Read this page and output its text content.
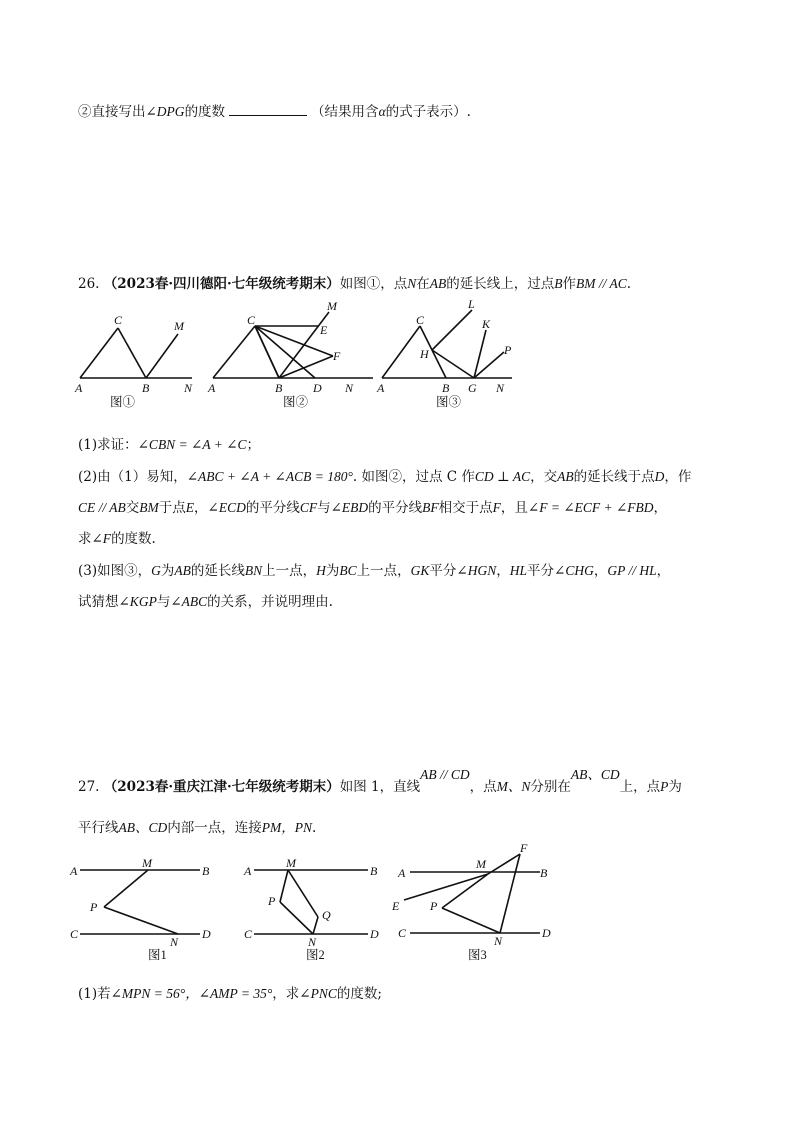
②直接写出∠DPG的度数	（结果用含α的式子表示）.
26. （2023春·四川德阳·七年级统考期末）如图①，点N在AB的延长线上，过点B作BM // AC.
A	B	N
C	M
图①
A	B	D N
C
M
E
F
图②
A	B G N
C
H
L
K
P
图③
(1)求证：∠CBN = ∠A + ∠C；
(2)由（1）易知，∠ABC + ∠A + ∠ACB = 180°. 如图②，过点 C 作CD ⊥ AC，交AB的延长线于点D，作
CE // AB交BM于点E，∠ECD的平分线CF与∠EBD的平分线BF相交于点F，且∠F = ∠ECF + ∠FBD，
求∠F的度数.
(3)如图③，G为AB的延长线BN上一点，H为BC上一点，GK平分∠HGN，HL平分∠CHG，GP // HL，
试猜想∠KGP与∠ABC的关系，并说明理由.
27. （2023春·重庆江津·七年级统考期末）如图 1，直线AB // CD，点M、N分别在AB、CD上，点P为
平行线AB、CD内部一点，连接PM，PN.
A	B
M
P
C
N
D
图1
A	B
M
P
Q
C
N
D
图2
A	B
M
F
E	P
C
N
D
图3
(1)若∠MPN = 56°，∠AMP = 35°，求∠PNC的度数;
